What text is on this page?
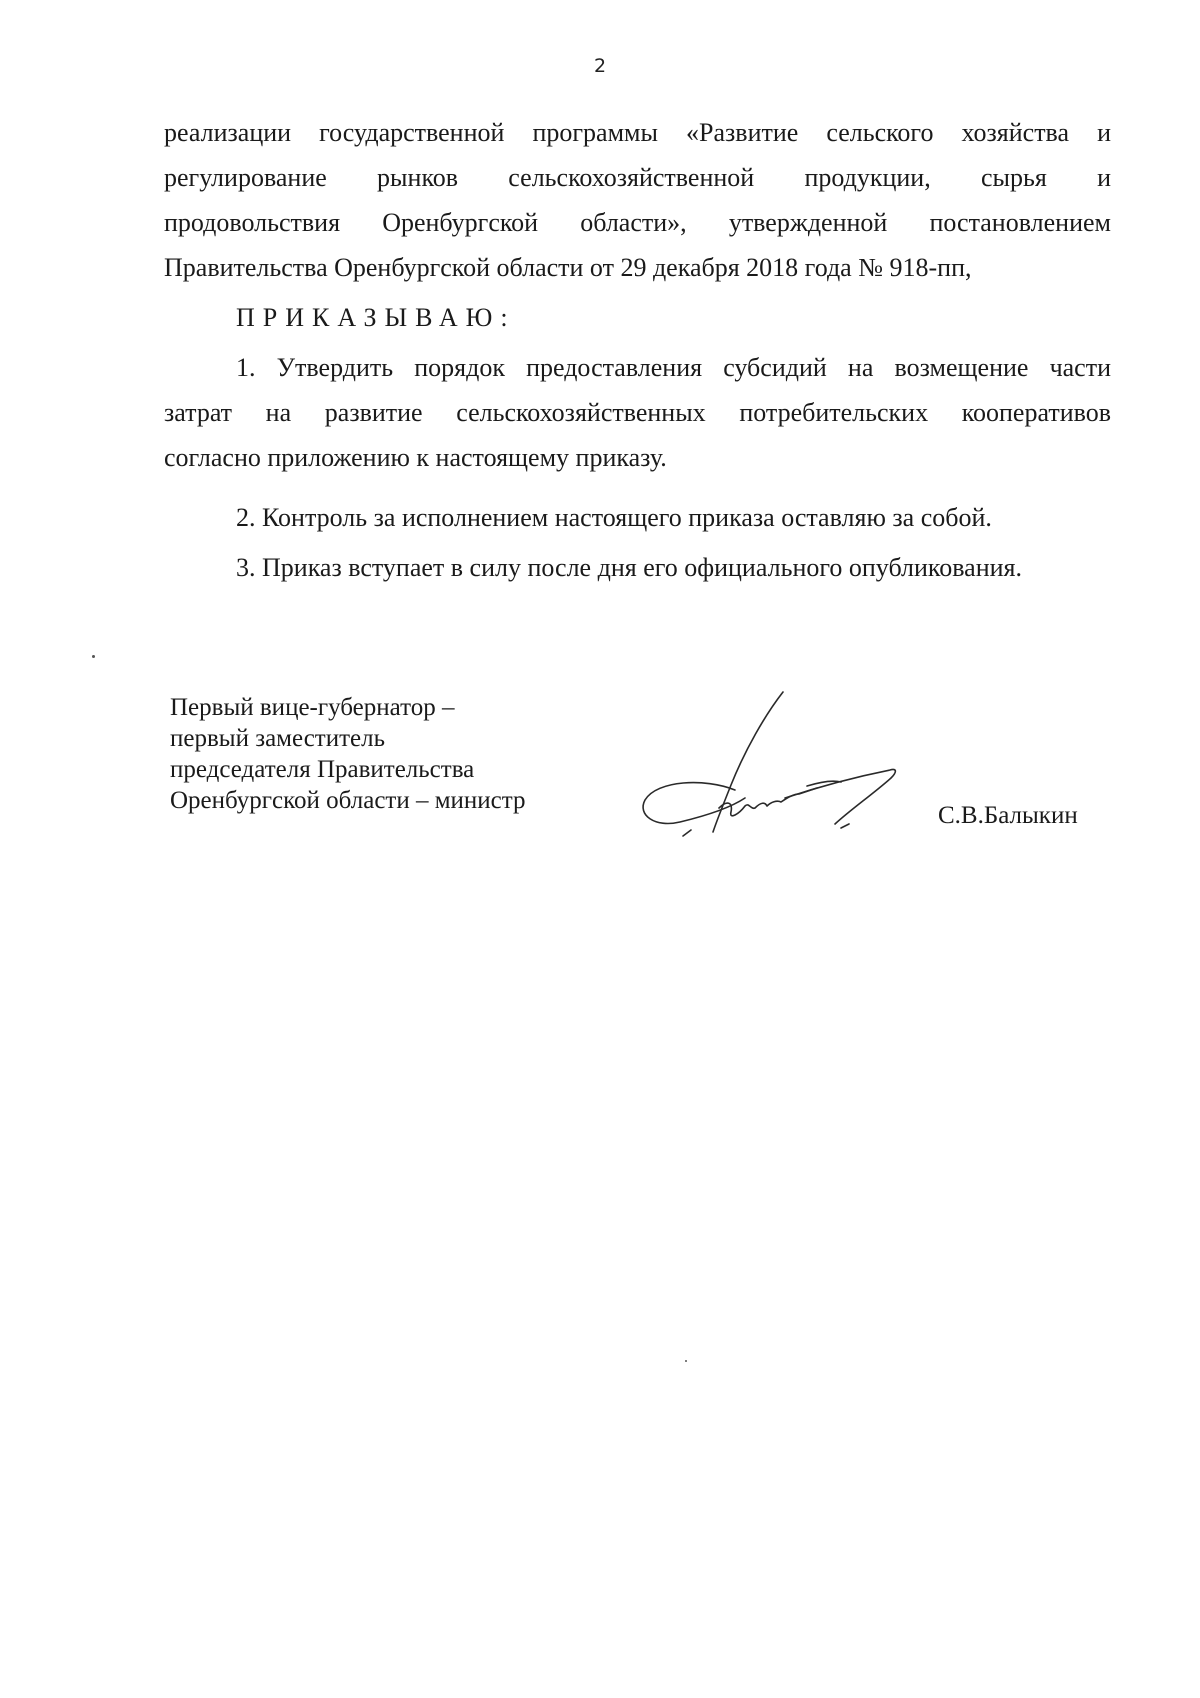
2
реализации государственной программы «Развитие сельского хозяйства и
регулирование рынков сельскохозяйственной продукции, сырья и
продовольствия Оренбургской области», утвержденной постановлением
Правительства Оренбургской области от 29 декабря 2018 года № 918-пп,
ПРИКАЗЫВАЮ:
1. Утвердить порядок предоставления субсидий на возмещение части
затрат на развитие сельскохозяйственных потребительских кооперативов
согласно приложению к настоящему приказу.
2. Контроль за исполнением настоящего приказа оставляю за собой.
3. Приказ вступает в силу после дня его официального опубликования.
Первый вице-губернатор –
первый заместитель
председателя Правительства
Оренбургской области – министр
С.В.Балыкин
